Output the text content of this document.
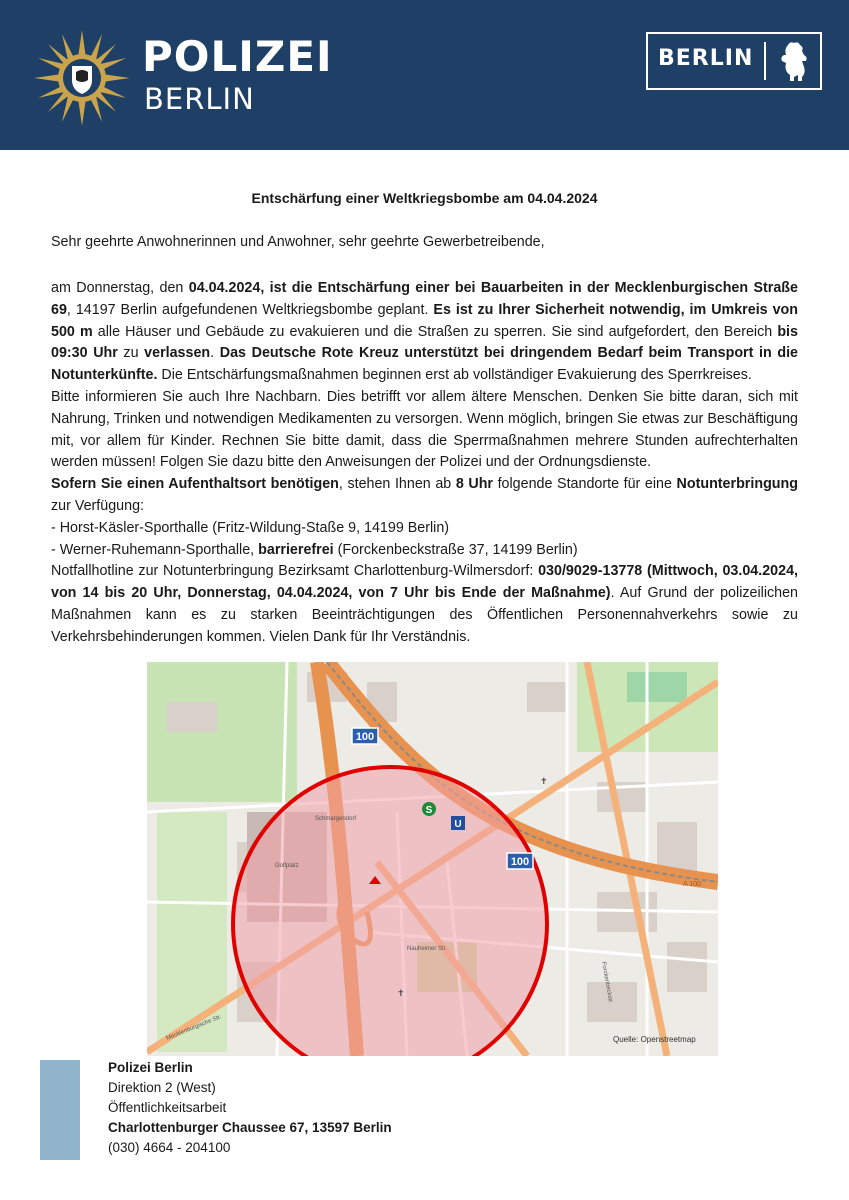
POLIZEI
BERLIN
BERLIN
Entschärfung einer Weltkriegsbombe am 04.04.2024
Sehr geehrte Anwohnerinnen und Anwohner, sehr geehrte Gewerbetreibende,

am Donnerstag, den 04.04.2024, ist die Entschärfung einer bei Bauarbeiten in der Mecklenburgischen Straße 69, 14197 Berlin aufgefundenen Weltkriegsbombe geplant. Es ist zu Ihrer Sicherheit notwendig, im Umkreis von 500 m alle Häuser und Gebäude zu evakuieren und die Straßen zu sperren. Sie sind aufgefordert, den Bereich bis 09:30 Uhr zu verlassen. Das Deutsche Rote Kreuz unterstützt bei dringendem Bedarf beim Transport in die Notunterkünfte. Die Entschärfungsmaßnahmen beginnen erst ab vollständiger Evakuierung des Sperrkreises.

Bitte informieren Sie auch Ihre Nachbarn. Dies betrifft vor allem ältere Menschen. Denken Sie bitte daran, sich mit Nahrung, Trinken und notwendigen Medikamenten zu versorgen. Wenn möglich, bringen Sie etwas zur Beschäftigung mit, vor allem für Kinder. Rechnen Sie bitte damit, dass die Sperrmaßnahmen mehrere Stunden aufrechterhalten werden müssen! Folgen Sie dazu bitte den Anweisungen der Polizei und der Ordnungsdienste.

Sofern Sie einen Aufenthaltsort benötigen, stehen Ihnen ab 8 Uhr folgende Standorte für eine Notunterbringung zur Verfügung:

- Horst-Käsler-Sporthalle (Fritz-Wildung-Staße 9, 14199 Berlin)

- Werner-Ruhemann-Sporthalle, barrierefrei (Forckenbeckstraße 37, 14199 Berlin)

Notfallhotline zur Notunterbringung Bezirksamt Charlottenburg-Wilmersdorf: 030/9029-13778 (Mittwoch, 03.04.2024, von 14 bis 20 Uhr, Donnerstag, 04.04.2024, von 7 Uhr bis Ende der Maßnahme). Auf Grund der polizeilichen Maßnahmen kann es zu starken Beeinträchtigungen des Öffentlichen Personennahverkehrs sowie zu Verkehrsbehinderungen kommen. Vielen Dank für Ihr Verständnis.

100
100
A 100
S
U
Mecklenburgische Str.
Forckenbeckstr.
Nauheimer Str.
Schmargendorf
Golfplatz
✝
✝
Quelle: Openstreetmap
Polizei Berlin
Direktion 2 (West)
Öffentlichkeitsarbeit
Charlottenburger Chaussee 67, 13597 Berlin
(030) 4664 - 204100
